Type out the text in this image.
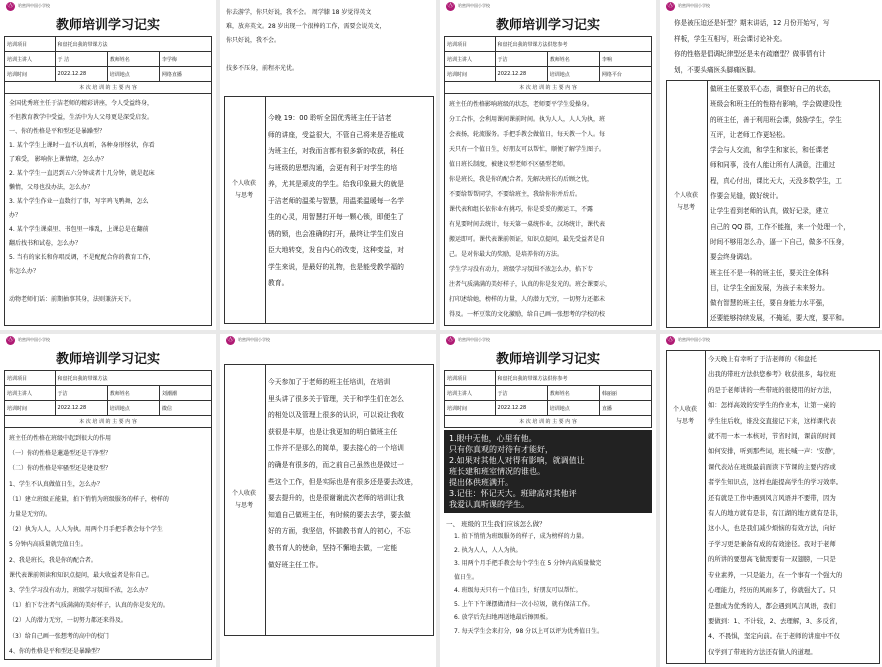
Ⓐ	哈密四中国小学校
教师培训学习记实
培训项目	和盘托出我的带课方法		
培训主讲人	于 洁	教师姓名	李学梅
培训时间	2022.12.28	培训地点	网络直播
本 次 培 训 的 主 要 内 容

全国优秀班主任于洁老师的精彩讲座，令人受益终身，

不但教育教学中受益，生活中为人父母更是深受启发。

一、你的性格是平和型还是暴躁型？

1. 某个学生上课时一直不认真听，各种身形怪状，你看

了难受， 影响你上课情绪，怎么办？

2. 某个学生一直迟到五六分钟或者十几分钟，就是起床

懒惰，父母也没办法，怎么办？

3. 某个学生作业一直数行了事，写字鸡飞鸭舞，怎么

办？

4. 某个学生课桌里、书包里一堆乱，上课总是在翻前

翻后找书和试卷，怎么办？

5. 当有的家长和你唱反调，不是配配合你的教育工作，

你怎么办？

动物老师们话：前期抽事其身，法则兼济天下。

你去游学，你只好说，我不会。 周学膝 18 岁觉得英文

难，放弃英文。28 岁出现一个很棒的工作，需要会说英文，

你只好说，我不会。

技多不压身，前程亦光优。

个人收获
与思考

今晚 19：00 聆听全国优秀班主任于洁老

师的讲座，受益很大，不管自己将来是否能成

为班主任，对我而言都有很多新的收获，科任

与班级的思想沟通，会更有利于对学生的培

养，尤其是顽皮的学生。给我印象最大的就是

于洁老师的温柔与智慧，用温柔温暖每一名学

生的心灵，用智慧打开每一颗心锁，即便生了

锈的锁，也会准确的打开，最终让学生们发自

臣大地转变，发自内心的改变，这种变益，对

学生来说，是最好的礼物，也是能受教学福的

教育。

Ⓐ	哈密四中国小学校
教师培训学习记实
培训项目	和盘托出我的带课方法供您参考		
培训主讲人	于洁	教师姓名	李响
培训时间	2022.12.28	培训地点	网络平台
本 次 培 训 的 主 要 内 容

班主任的性格影响班级的状态，老师要平学生爱操身。

分工合作，会利用课间课前时间。执为人人，人人为执，班

会表扬，轮流服务。手把手教会做值日，每天教一个人。每

天只有一个值日生，好朋友可以帮忙，顺便了解学生图子。

值日班长制度，被建议型老师不区骚型老师。

你是班长，我是你的配合者。先解决班长的后顾之忧，

不要给帮帮同学，不要给班主，我给你你并后后。

课代表和组长依你业有挑巧，你是妥妥的搬运工，不露

有见要时间去统计，每天第一桌统作业，汉场统计，课代表

搬运即可。课代表课前领证，知识点提问，最先受益者是自

己。是对你最大的奖励，是培养你的方法。

学生学习没有动力，班级学习氛围不浓怎么办，掐下专

注者气质满满的美好样子，认真的你是发光的。班会课要示，

打印述给她，榜样的力量，人的潜力无穷，一切努力还都未

得及。一杯豆浆的文化激励，给自己画一张想考的学校的校

Ⓐ	哈密四中国小学校

你是被压迫还是奸型？期末讲话，12 月份开始写，写

样板，学生互相写，班会课讨论补充。

你的性格是倡调纪律型还是未有疏磨型？做事情有计

划，不要头痛医头脚痛医脚。

个人收获
与思考

做班主任要放平心态，调整好自己的状态，

班级会和班主任的性格有影响，学会做建设性

的班主任，善于利用班会课，鼓励学生，学生

互评，让老师工作更轻松。

学会与人交流，和学生和家长，和任课老

师和同事，没有人能让所有人满意，注重过

程，真心付出，课比天大，天没多数学生，工

作要会见缝，做好统计。

让学生看到老师的认真，做好记录，建立

自己的 QQ 群，工作不能拖，来一个处理一个，

时间不够用怎么办，逼一下自己，做多不压身，

要会终身调动。

班主任不是一科的班主任，要关注全体科

目，让学生全面发展，为孩子未来努力。

做有智慧的班主任，要自身能力水平强，

还要能够持续发展，不掩延，要大度，要平和。

Ⓐ	哈密四中国小学校
教师培训学习记实
培训项目	和盘托出我的带课方法		
培训主讲人	于洁	教师姓名	刘潮潮
培训时间	2022.12.28	培训地点	微信
本 次 培 训 的 主 要 内 容

班主任的性格在班级中起到很大的作用

（一）你的性格是邋遢型还是干净型？

（二）你的性格是牢骚型还是建设型？

1、学生不认真做值日生，怎么办？

（1）建立班级正能量，拍下悄悄为班级服务的样子，榜样的

力量是无穷的。

（2）执为人人，人人为执。用两个月手把手教会每个学生

5 分钟内高质量就完值日生。

2、我是班长，我是你的配合者。

课代表课前领读和知识点提问，最大收益者是你自己。

3、学生学习没有动力，班级学习氛围不浓，怎么办？

（1）拍下专注者气质满满的美好样子，认真的你是发光的。

（2）人的潜力无穷，一切努力都还来得及。

（3）给自己画一张想考的高中的校门

4、你的性格是平和型还是暴躁型？

Ⓐ	哈密四中国小学校
个人收获
与思考

今天参加了于老师的班主任培训，在培训

里头讲了很多关于管理，关于和学生们在怎么

的相处以及管理上很多的认识，可以说让我收

获很是丰厚，也是让我更加的明白做班主任

工作并不是那么的简单，要去接心的一个培训

的确是有很多的，而之前自己虽然也是做过一

些这个工作，但是实际也是有很多还是要去改进，

要去提升的，也是很谢谢此次老师的培训让我

知道自己做班主任，有时候的要去去学，要去做

好的方面，我坚信，怀揣教书育人的初心，不忘

教书育人的使命，坚持不懈地去做，一定能

做好班主任工作。

Ⓐ	哈密四中国小学校
教师培训学习记实
培训项目	和盘托出我的带课方法供你参考		
培训主讲人	于洁	教师姓名	韩丽丽
培训时间	2022.12.28	培训地点	直播
本 次 培 训 的 主 要 内 容
1.眼中无他，心里有他。
只有你真观的对待有才能好，
2.如果对其他人对得有影响，就调值让
班长建和班室情况的谁也。
提出体供班满开。
3.记住：怀记天大。班肆高对其他评
我爱认真听课的学生。
一、 班级的卫生我们应该怎么做？
1. 拍下悄悄为班级服务的样子，成为榜样的力量。
2. 执为人人，人人为执。
3. 用两个月手把手教会每个学生在 5 分钟内高质量做完
值日生。
4. 班级每天只有一个值日生，好朋友可以帮忙。
5. 上午下午课摆做清扫一次小垃圾，就有保洁工作。
6. 放学后先扫地再送地最后擦黑板。
7. 每天学生会来打分，98 分以上可以评为优秀值日生。
Ⓐ	哈密四中国小学校
个人收获
与思考

今天晚上有幸听了于洁老师的《和盘托

出我的带班方法供您参考》收获很多，每位班

的是于老师讲的一些带班的很使用的好方法，

如：怎样高效的安学生的作业本，让第一桌的

学生往后收，谁没交直接记下来，这样课代表

就不用一本一本核对，节省时间，课前的时间

如何安排，听到那些词，班长喊一声：'安静'，

课代表站在班级最前面读下节课的主要内容或

者学生知识点，这样也能提高学生的学习效率。

还有就是工作中遇到风言风语并不要带，因为

有人的地方就有是非，有江湖的地方就有是非，

这小人，也是我们减少烦恼的有效方法，向好

子学习更是兼备有成的有效途径。我对于老师

的所讲的要想高飞做需要有一双翅膀，一只是

专业素养，一只是能力，在一个事有一个强大的

心理能力，经历的风雨多了，你就强大了。只

是想成为优秀的人，都会遇到风言风语，我们

要做到：1、不计较，2、去理解，3、多反省，

4、不畏惧，坚定向前。在于老师的讲座中不仅

仅学到了带班的方法还有做人的道理。
